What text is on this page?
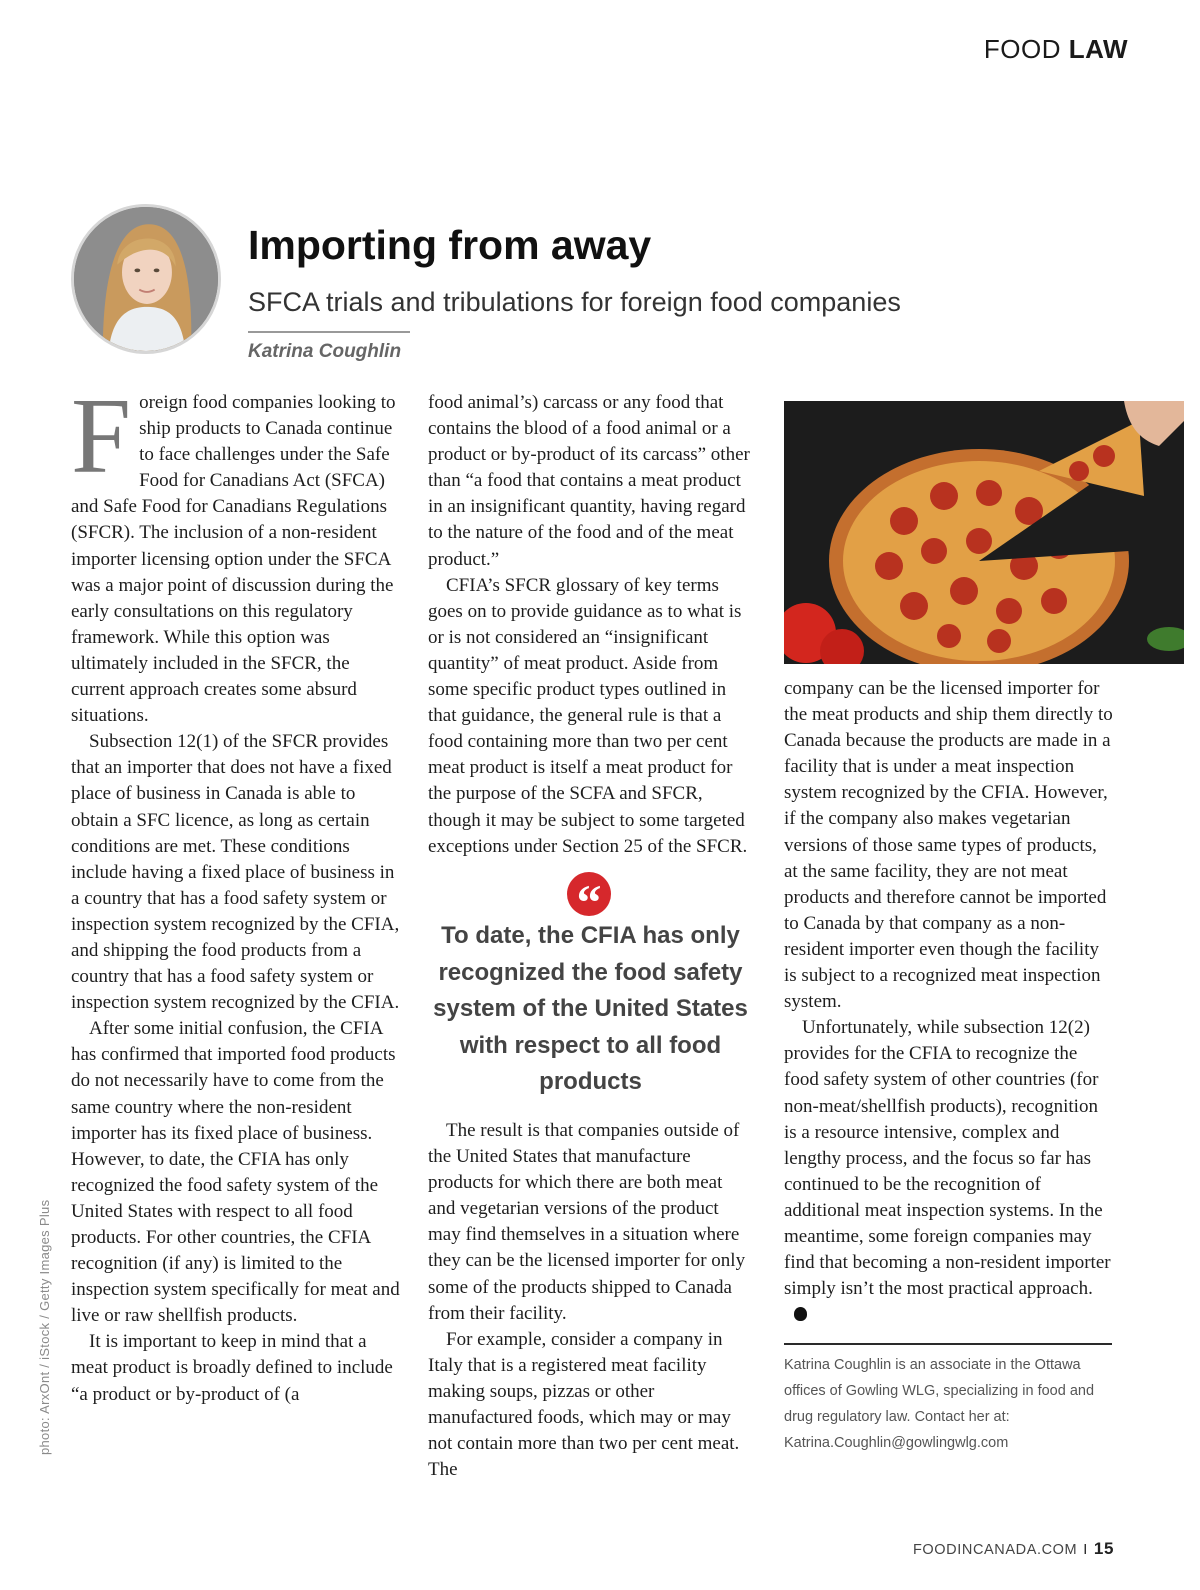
FOOD LAW
Importing from away
SFCA trials and tribulations for foreign food companies
Katrina Coughlin

Foreign food companies looking to ship products to Canada continue to face challenges under the Safe Food for Canadians Act (SFCA) and Safe Food for Canadians Regulations (SFCR). The inclusion of a non-resident importer licensing option under the SFCA was a major point of discussion during the early consultations on this regulatory framework. While this option was ultimately included in the SFCR, the current approach creates some absurd situations.

Subsection 12(1) of the SFCR provides that an importer that does not have a fixed place of business in Canada is able to obtain a SFC licence, as long as certain conditions are met. These conditions include having a fixed place of business in a country that has a food safety system or inspection system recognized by the CFIA, and shipping the food products from a country that has a food safety system or inspection system recognized by the CFIA.

After some initial confusion, the CFIA has confirmed that imported food products do not necessarily have to come from the same country where the non-resident importer has its fixed place of business. However, to date, the CFIA has only recognized the food safety system of the United States with respect to all food products. For other countries, the CFIA recognition (if any) is limited to the inspection system specifically for meat and live or raw shellfish products.

It is important to keep in mind that a meat product is broadly defined to include “a product or by-product of (a

food animal’s) carcass or any food that contains the blood of a food animal or a product or by-product of its carcass” other than “a food that contains a meat product in an insignificant quantity, having regard to the nature of the food and of the meat product.”

CFIA’s SFCR glossary of key terms goes on to provide guidance as to what is or is not considered an “insignificant quantity” of meat product. Aside from some specific product types outlined in that guidance, the general rule is that a food containing more than two per cent meat product is itself a meat product for the purpose of the SCFA and SFCR, though it may be subject to some targeted exceptions under Section 25 of the SFCR.

“
To date, the CFIA has only recognized the food safety system of the United States with respect to all food products

The result is that companies outside of the United States that manufacture products for which there are both meat and vegetarian versions of the product may find themselves in a situation where they can be the licensed importer for only some of the products shipped to Canada from their facility.

For example, consider a company in Italy that is a registered meat facility making soups, pizzas or other manufactured foods, which may or may not contain more than two per cent meat. The

company can be the licensed importer for the meat products and ship them directly to Canada because the products are made in a facility that is under a meat inspection system recognized by the CFIA. However, if the company also makes vegetarian versions of those same types of products, at the same facility, they are not meat products and therefore cannot be imported to Canada by that company as a non-resident importer even though the facility is subject to a recognized meat inspection system.

Unfortunately, while subsection 12(2) provides for the CFIA to recognize the food safety system of other countries (for non-meat/shellfish products), recognition is a resource intensive, complex and lengthy process, and the focus so far has continued to be the recognition of additional meat inspection systems. In the meantime, some foreign companies may find that becoming a non-resident importer simply isn’t the most practical approach.

Katrina Coughlin is an associate in the Ottawa offices of Gowling WLG, specializing in food and drug regulatory law. Contact her at: Katrina.Coughlin@gowlingwlg.com
photo: ArxOnt / iStock / Getty Images Plus
FOODINCANADA.COM I 15
